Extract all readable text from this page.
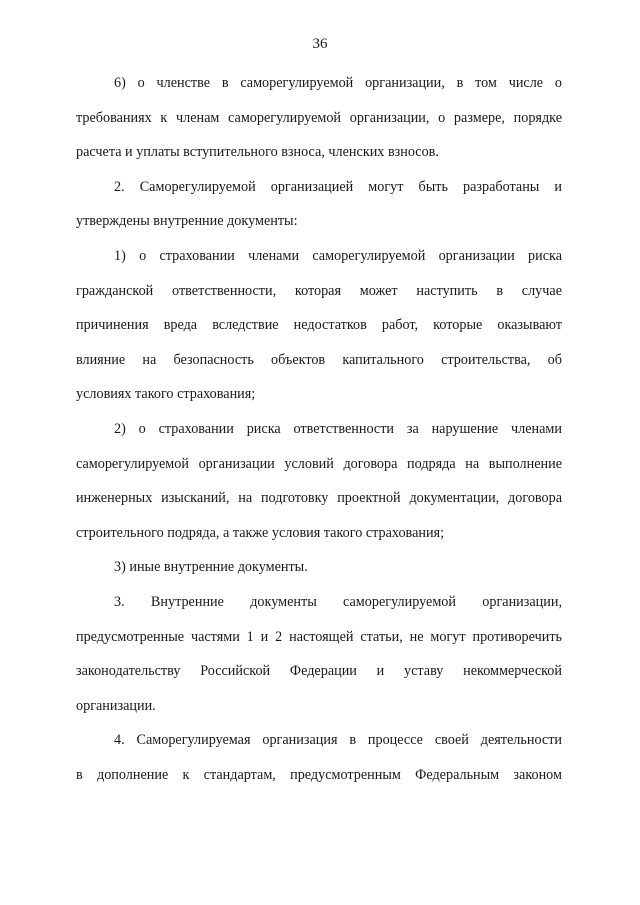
36
6) о членстве в саморегулируемой организации, в том числе о
требованиях к членам саморегулируемой организации, о размере, порядке
расчета и уплаты вступительного взноса, членских взносов.
2. Саморегулируемой организацией могут быть разработаны и
утверждены внутренние документы:
1) о страховании членами саморегулируемой организации риска
гражданской ответственности, которая может наступить в случае
причинения вреда вследствие недостатков работ, которые оказывают
влияние на безопасность объектов капитального строительства, об
условиях такого страхования;
2) о страховании риска ответственности за нарушение членами
саморегулируемой организации условий договора подряда на выполнение
инженерных изысканий, на подготовку проектной документации, договора
строительного подряда, а также условия такого страхования;
3) иные внутренние документы.
3. Внутренние документы саморегулируемой организации,
предусмотренные частями 1 и 2 настоящей статьи, не могут противоречить
законодательству Российской Федерации и уставу некоммерческой
организации.
4. Саморегулируемая организация в процессе своей деятельности
в дополнение к стандартам, предусмотренным Федеральным законом
